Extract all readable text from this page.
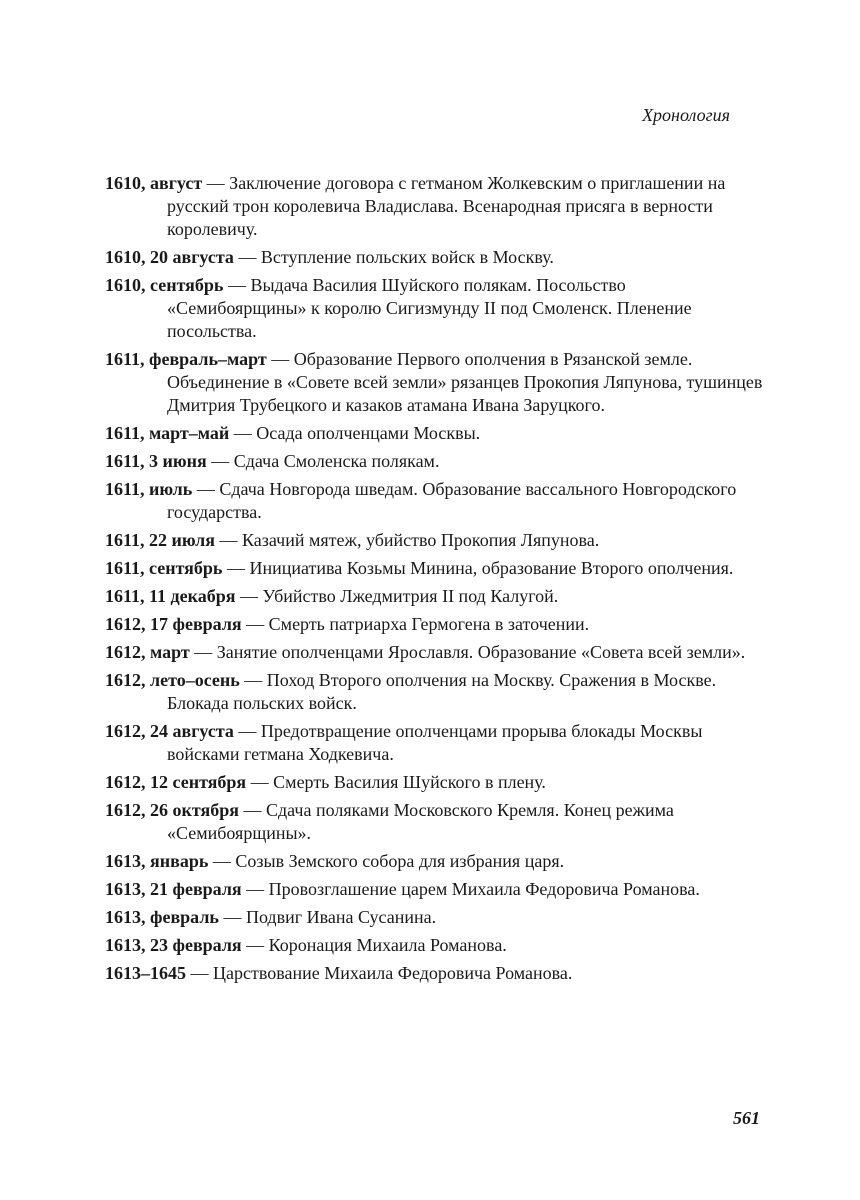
Хронология

1610, август — Заключение договора с гетманом Жолкевским о приглашении на русский трон королевича Владислава. Всенародная присяга в верности королевичу.

1610, 20 августа — Вступление польских войск в Москву.

1610, сентябрь — Выдача Василия Шуйского полякам. Посольство «Семибоярщины» к королю Сигизмунду II под Смоленск. Пленение посольства.

1611, февраль–март — Образование Первого ополчения в Рязанской земле. Объединение в «Совете всей земли» рязанцев Прокопия Ляпунова, тушинцев Дмитрия Трубецкого и казаков атамана Ивана Заруцкого.

1611, март–май — Осада ополченцами Москвы.

1611, 3 июня — Сдача Смоленска полякам.

1611, июль — Сдача Новгорода шведам. Образование вассального Новгородского государства.

1611, 22 июля — Казачий мятеж, убийство Прокопия Ляпунова.

1611, сентябрь — Инициатива Козьмы Минина, образование Второго ополчения.

1611, 11 декабря — Убийство Лжедмитрия II под Калугой.

1612, 17 февраля — Смерть патриарха Гермогена в заточении.

1612, март — Занятие ополченцами Ярославля. Образование «Совета всей земли».

1612, лето–осень — Поход Второго ополчения на Москву. Сражения в Москве. Блокада польских войск.

1612, 24 августа — Предотвращение ополченцами прорыва блокады Москвы войсками гетмана Ходкевича.

1612, 12 сентября — Смерть Василия Шуйского в плену.

1612, 26 октября — Сдача поляками Московского Кремля. Конец режима «Семибоярщины».

1613, январь — Созыв Земского собора для избрания царя.

1613, 21 февраля — Провозглашение царем Михаила Федоровича Романова.

1613, февраль — Подвиг Ивана Сусанина.

1613, 23 февраля — Коронация Михаила Романова.

1613–1645 — Царствование Михаила Федоровича Романова.

561
